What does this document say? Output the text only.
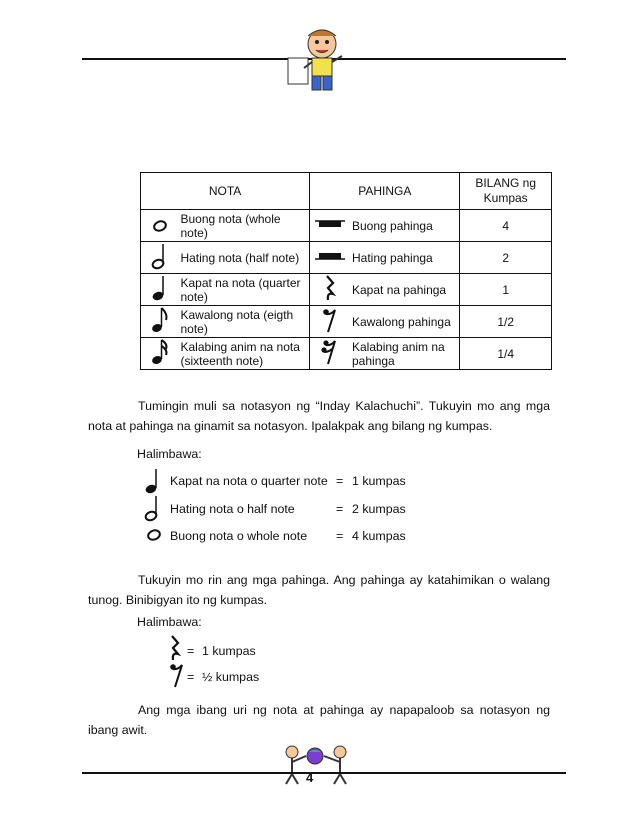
NOTA		PAHINGA		BILANG ng Kumpas
	Buong nota (whole note)		Buong pahinga	4
	Hating nota (half note)		Hating pahinga	2
	Kapat na nota (quarter note)		Kapat na pahinga	1
	Kawalong nota (eigth note)		Kawalong pahinga	1/2
	Kalabing anim na nota (sixteenth note)		Kalabing anim na pahinga	1/4
Tumingin muli sa notasyon ng “Inday Kalachuchi”. Tukuyin mo ang mga nota at pahinga na ginamit sa notasyon. Ipalakpak ang bilang ng kumpas.
Halimbawa:
Kapat na nota o quarter note = 1 kumpas
Hating nota o half note	= 2 kumpas
Buong nota o whole note = 4 kumpas
Tukuyin mo rin ang mga pahinga. Ang pahinga ay katahimikan o walang tunog. Binibigyan ito ng kumpas.
Halimbawa:
= 1 kumpas
= ½ kumpas
Ang mga ibang uri ng nota at pahinga ay napapaloob sa notasyon ng ibang awit.
4
